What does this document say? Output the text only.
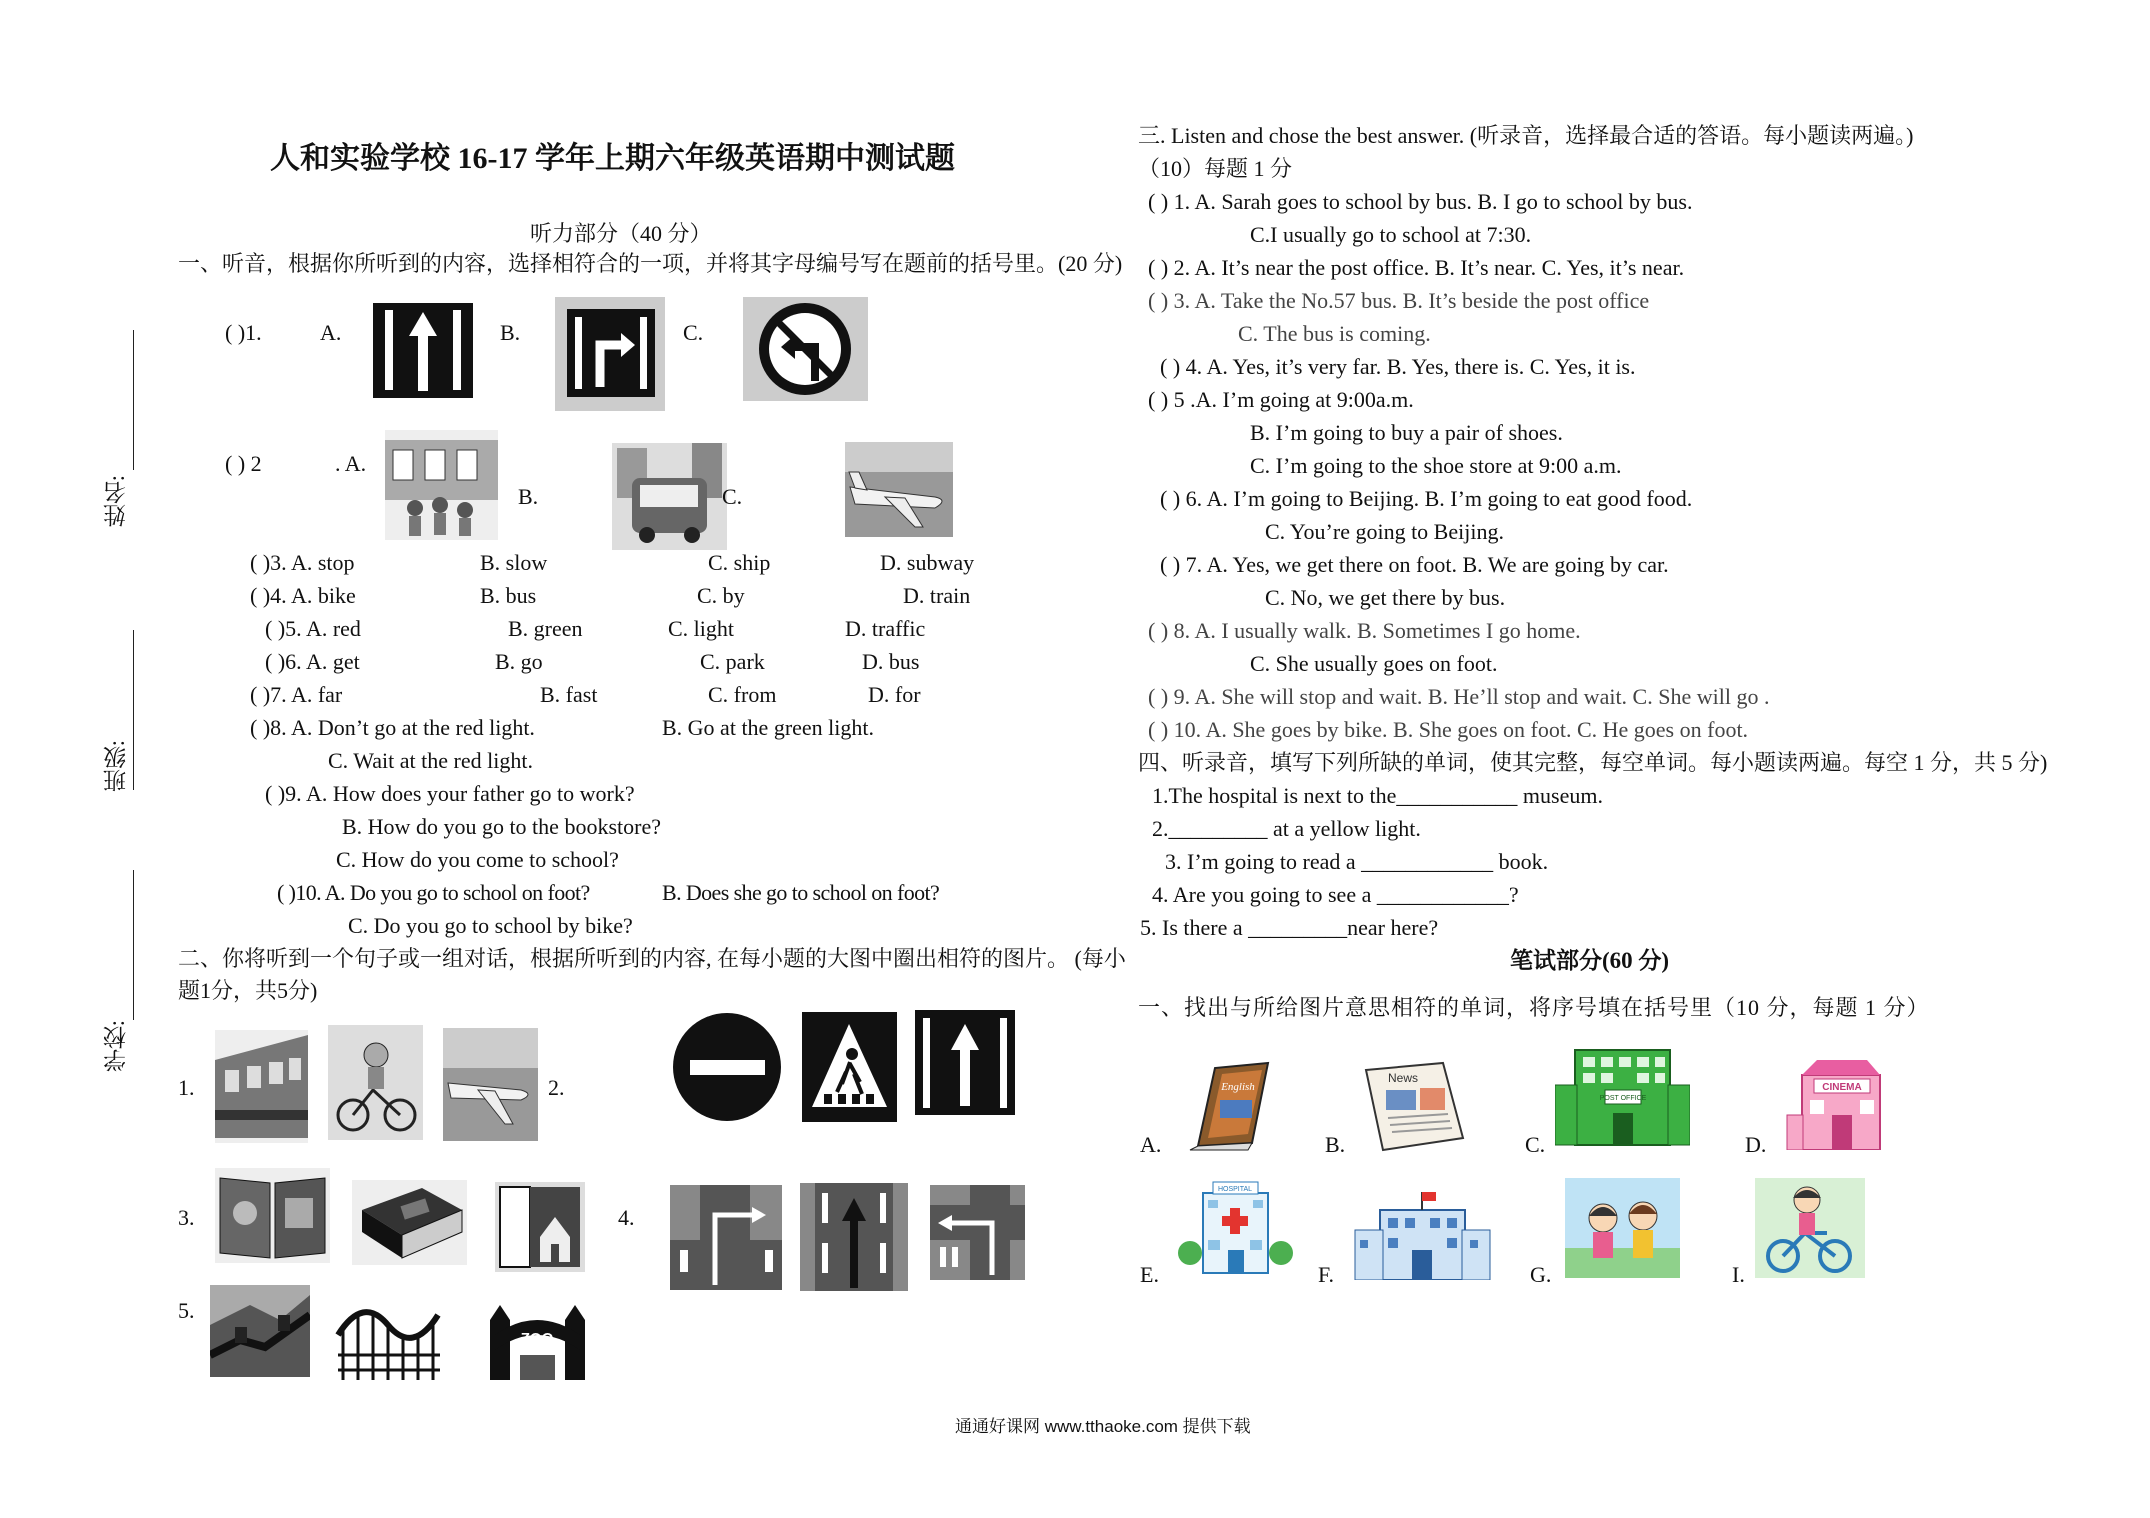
姓名:
班级:
学校:
人和实验学校 16-17 学年上期六年级英语期中测试题
听力部分（40 分）
一、听音，根据你所听到的内容，选择相符合的一项，并将其字母编号写在题前的括号里。(20 分)
( )1.	A.	B.	C.
( ) 2	. A.
B.	C.
( )3. A. stop	B. slow	C. ship	D. subway
( )4. A. bike	B. bus	C. by	D. train
( )5. A. red	B. green	C. light	D. traffic
( )6. A. get	B. go	C. park	D. bus
( )7. A. far	B. fast	C. from	D. for
( )8. A. Don’t go at the red light.	B. Go at the green light.
C. Wait at the red light.
( )9. A. How does your father go to work?
B. How do you go to the bookstore?
C. How do you come to school?
( )10. A. Do you go to school on foot?	B. Does she go to school on foot?
C. Do you go to school by bike?
二、你将听到一个句子或一组对话，根据所听到的内容, 在每小题的大图中圈出相符的图片。 (每小
题1分，共5分)
1.	2.
3.	4.
5.
ZOO
三. Listen and chose the best answer. (听录音，选择最合适的答语。每小题读两遍。)
（10）每题 1 分
( ) 1. A. Sarah goes to school by bus. B. I go to school by bus.
C.I usually go to school at 7:30.
( ) 2. A. It’s near the post office. B. It’s near. C. Yes, it’s near.
( ) 3. A. Take the No.57 bus. B. It’s beside the post office
C. The bus is coming.
( ) 4. A. Yes, it’s very far. B. Yes, there is. C. Yes, it is.
( ) 5 .A. I’m going at 9:00a.m.
B. I’m going to buy a pair of shoes.
C. I’m going to the shoe store at 9:00 a.m.
( ) 6. A. I’m going to Beijing. B. I’m going to eat good food.
C. You’re going to Beijing.
( ) 7. A. Yes, we get there on foot. B. We are going by car.
C. No, we get there by bus.
( ) 8. A. I usually walk. B. Sometimes I go home.
C. She usually goes on foot.
( ) 9. A. She will stop and wait. B. He’ll stop and wait. C. She will go .
( ) 10. A. She goes by bike. B. She goes on foot. C. He goes on foot.
四、听录音，填写下列所缺的单词，使其完整，每空单词。每小题读两遍。每空 1 分，共 5 分)
1.The hospital is next to the___________ museum.
2._________ at a yellow light.
3. I’m going to read a ____________ book.
4. Are you going to see a ____________?
5. Is there a _________near here?
笔试部分(60 分)
一、找出与所给图片意思相符的单词，将序号填在括号里（10 分，每题 1 分）
A.
English
B.
News
C.
POST OFFICE
D.
CINEMA
E.
HOSPITAL
F.	G.	I.
通通好课网 www.tthaoke.com 提供下载
